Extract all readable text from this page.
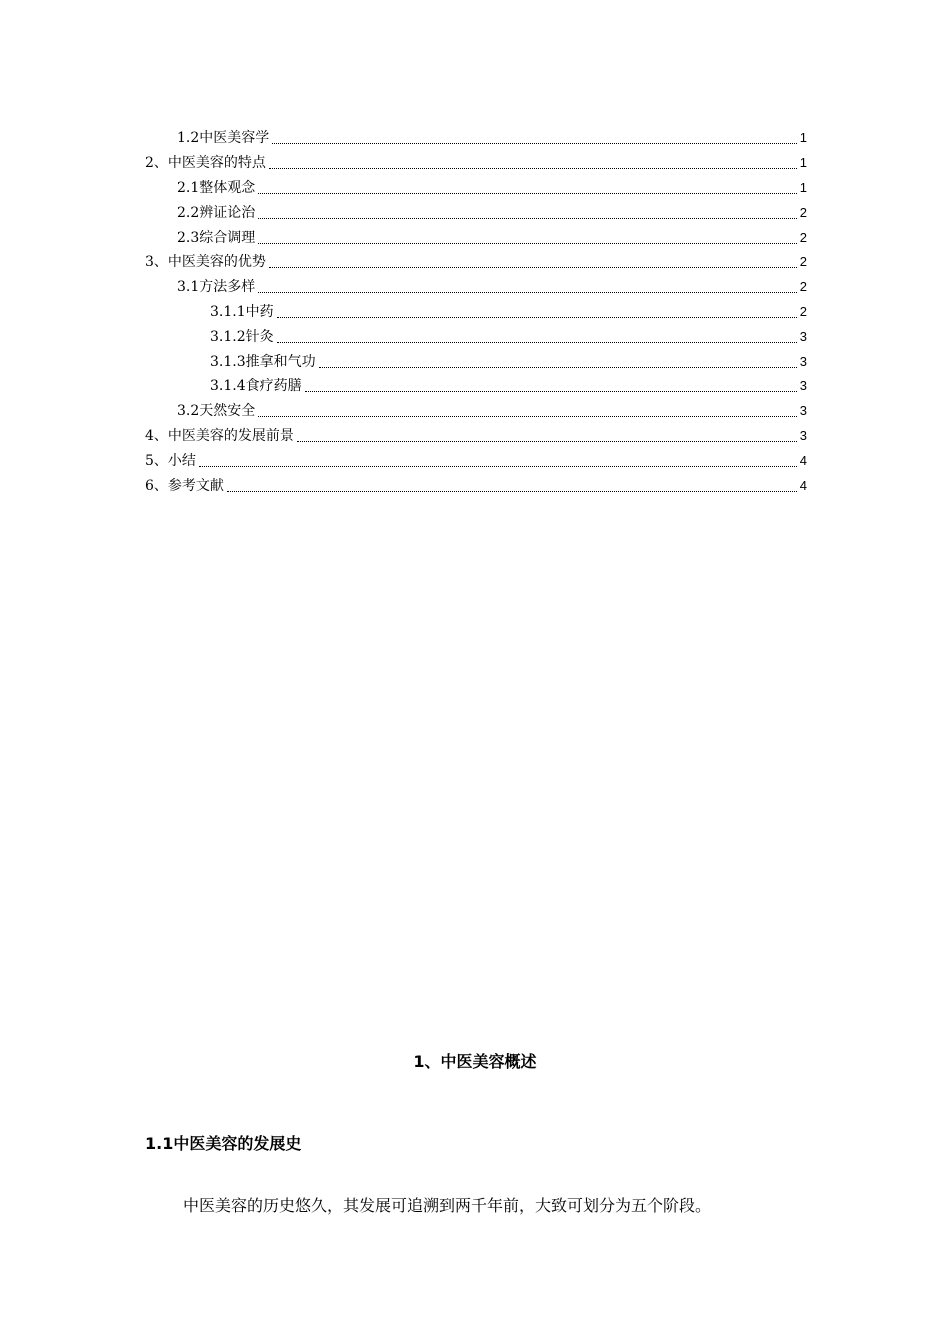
1.2中医美容学	1
2、中医美容的特点	1
2.1整体观念	1
2.2辨证论治	2
2.3综合调理	2
3、中医美容的优势	2
3.1方法多样	2
3.1.1中药	2
3.1.2针灸	3
3.1.3推拿和气功	3
3.1.4食疗药膳	3
3.2天然安全	3
4、中医美容的发展前景	3
5、小结	4
6、参考文献	4
1、中医美容概述
1.1中医美容的发展史
中医美容的历史悠久，其发展可追溯到两千年前，大致可划分为五个阶段。
